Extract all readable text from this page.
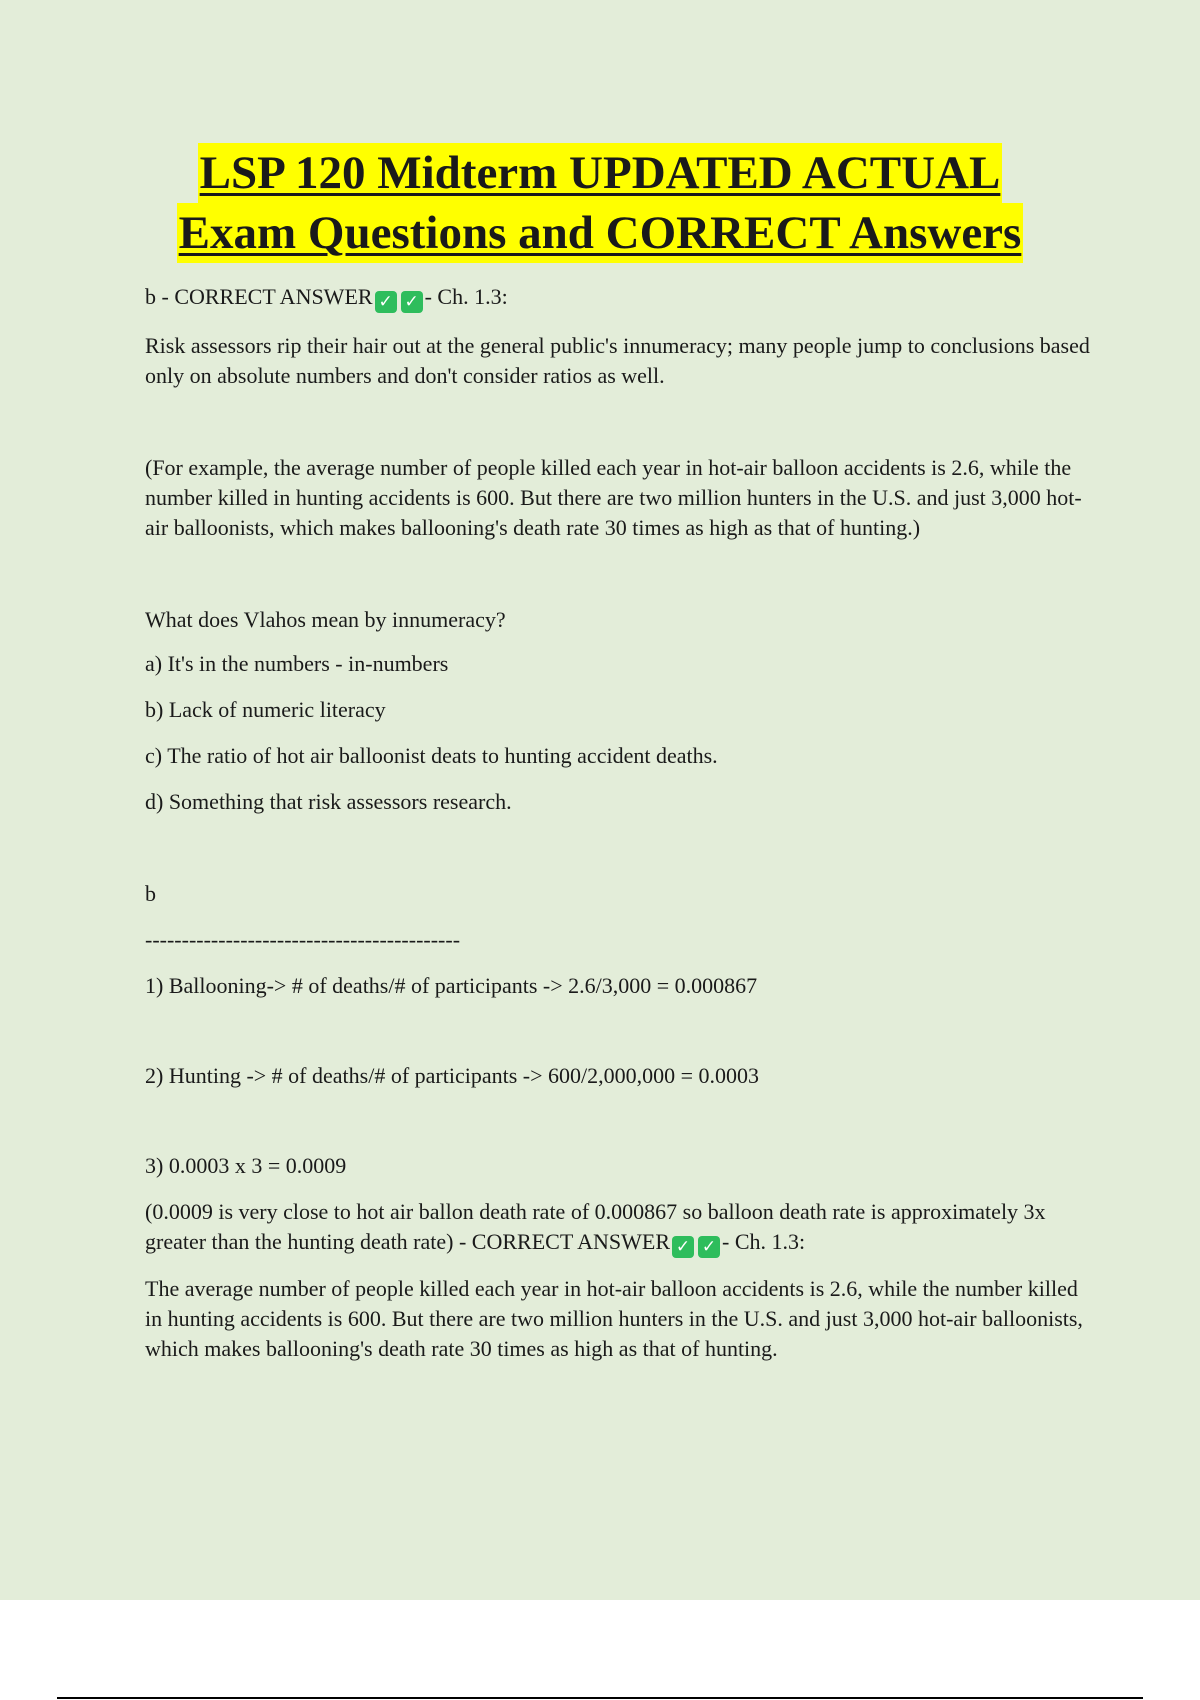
LSP 120 Midterm UPDATED ACTUAL
Exam Questions and CORRECT Answers

b - CORRECT ANSWER ✓ ✓ - Ch. 1.3:

Risk assessors rip their hair out at the general public's innumeracy; many people jump to conclusions based only on absolute numbers and don't consider ratios as well.

(For example, the average number of people killed each year in hot-air balloon accidents is 2.6, while the number killed in hunting accidents is 600. But there are two million hunters in the U.S. and just 3,000 hot-air balloonists, which makes ballooning's death rate 30 times as high as that of hunting.)

What does Vlahos mean by innumeracy?

a) It's in the numbers - in-numbers

b) Lack of numeric literacy

c) The ratio of hot air balloonist deats to hunting accident deaths.

d) Something that risk assessors research.

b

-------------------------------------------

1) Ballooning-> # of deaths/# of participants -> 2.6/3,000 = 0.000867

2) Hunting -> # of deaths/# of participants -> 600/2,000,000 = 0.0003

3) 0.0003 x 3 = 0.0009

(0.0009 is very close to hot air ballon death rate of 0.000867 so balloon death rate is approximately 3x greater than the hunting death rate) - CORRECT ANSWER ✓ ✓ - Ch. 1.3:

The average number of people killed each year in hot-air balloon accidents is 2.6, while the number killed in hunting accidents is 600. But there are two million hunters in the U.S. and just 3,000 hot-air balloonists, which makes ballooning's death rate 30 times as high as that of hunting.
